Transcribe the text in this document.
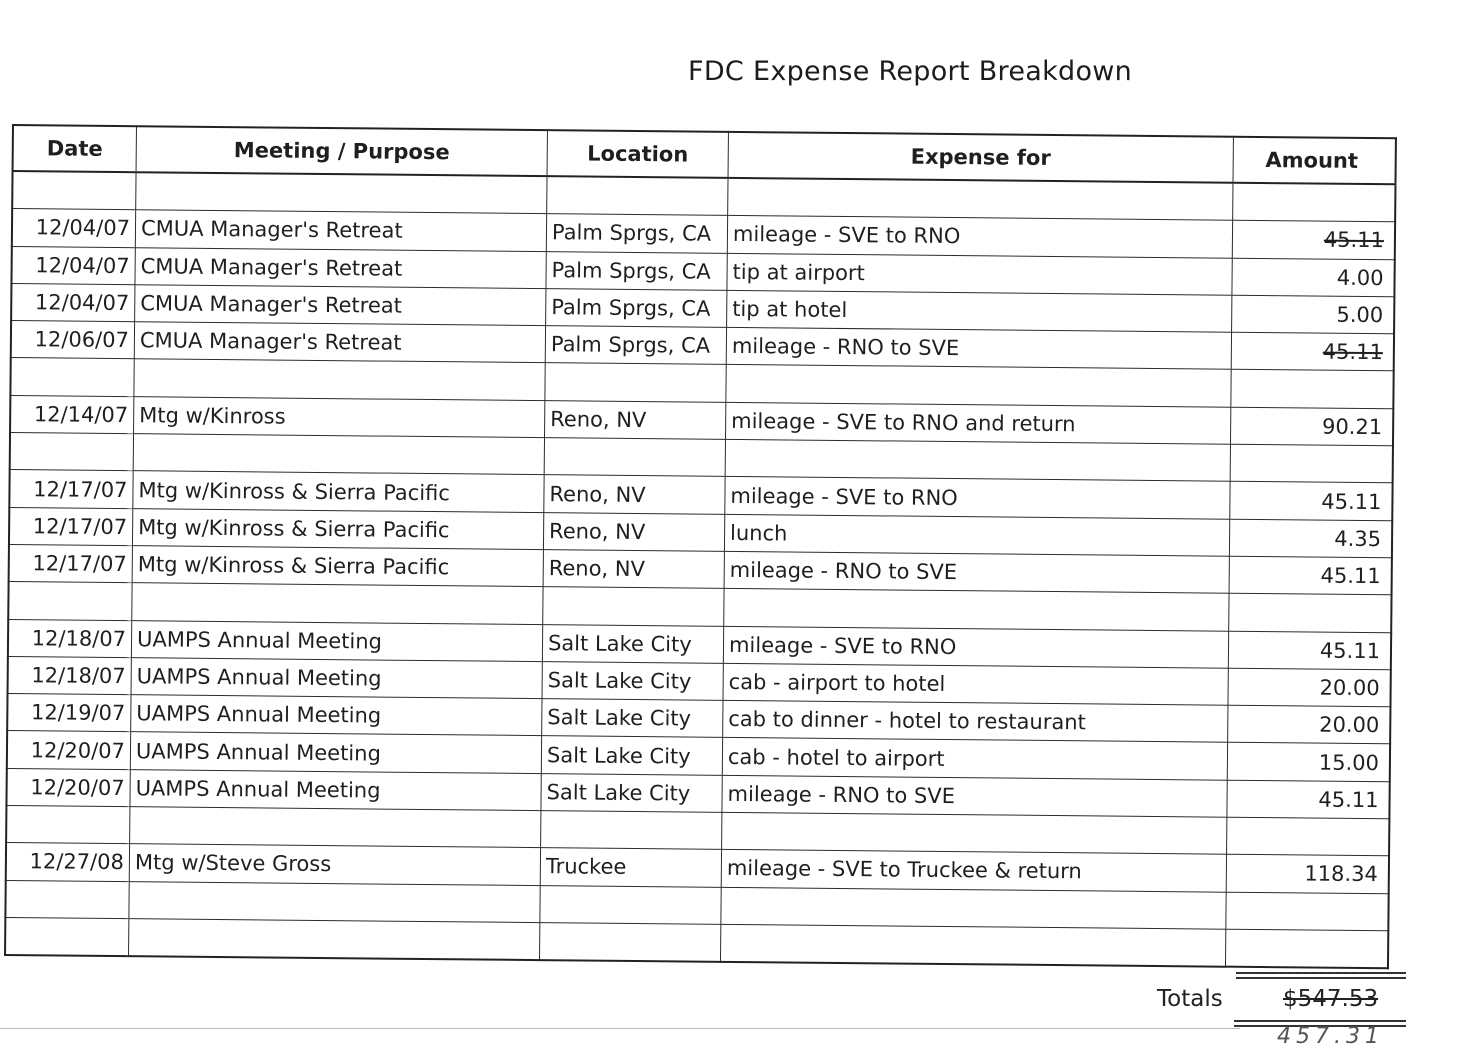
FDC Expense Report Breakdown
Date	Meeting / Purpose	Location	Expense for	Amount

12/04/07	CMUA Manager's Retreat	Palm Sprgs, CA	mileage - SVE to RNO	45.11
12/04/07	CMUA Manager's Retreat	Palm Sprgs, CA	tip at airport	4.00
12/04/07	CMUA Manager's Retreat	Palm Sprgs, CA	tip at hotel	5.00
12/06/07	CMUA Manager's Retreat	Palm Sprgs, CA	mileage - RNO to SVE	45.11

12/14/07	Mtg w/Kinross	Reno, NV	mileage - SVE to RNO and return	90.21

12/17/07	Mtg w/Kinross & Sierra Pacific	Reno, NV	mileage - SVE to RNO	45.11
12/17/07	Mtg w/Kinross & Sierra Pacific	Reno, NV	lunch	4.35
12/17/07	Mtg w/Kinross & Sierra Pacific	Reno, NV	mileage - RNO to SVE	45.11

12/18/07	UAMPS Annual Meeting	Salt Lake City	mileage - SVE to RNO	45.11
12/18/07	UAMPS Annual Meeting	Salt Lake City	cab - airport to hotel	20.00
12/19/07	UAMPS Annual Meeting	Salt Lake City	cab to dinner - hotel to restaurant	20.00
12/20/07	UAMPS Annual Meeting	Salt Lake City	cab - hotel to airport	15.00
12/20/07	UAMPS Annual Meeting	Salt Lake City	mileage - RNO to SVE	45.11

12/27/08	Mtg w/Steve Gross	Truckee	mileage - SVE to Truckee & return	118.34

Totals	$547.53
457.31
